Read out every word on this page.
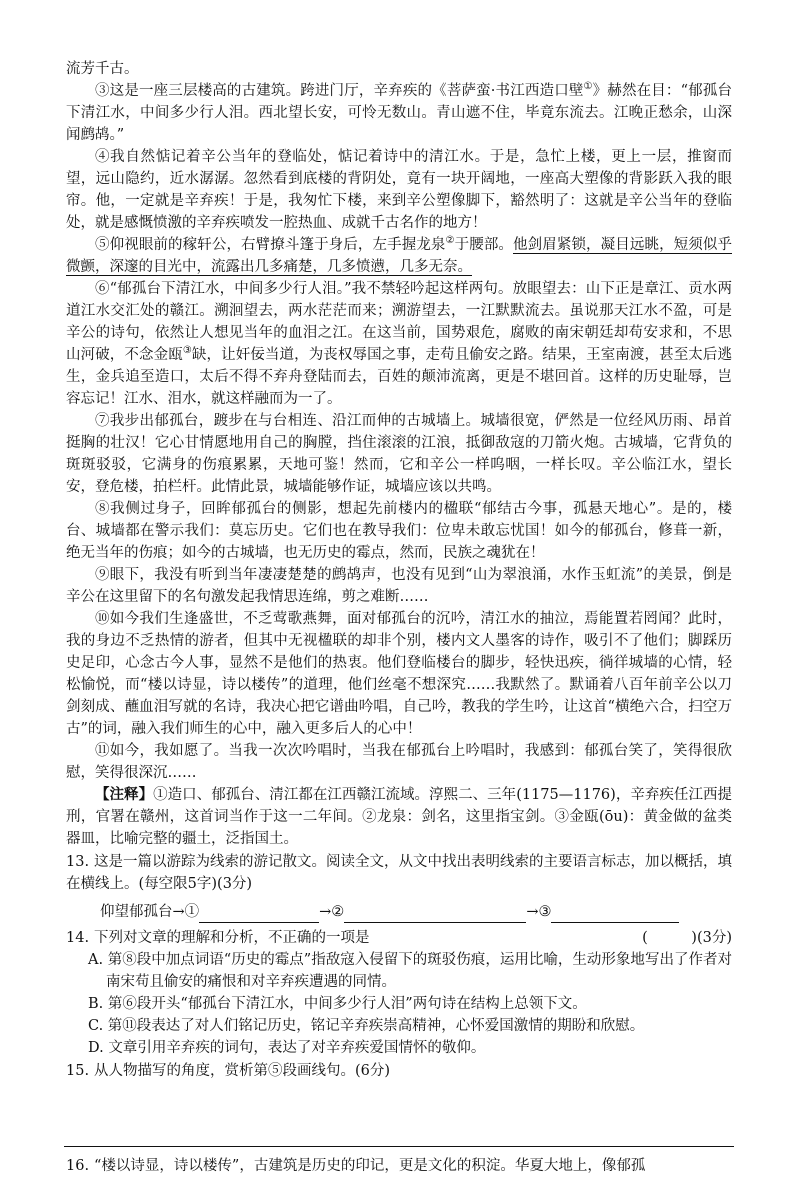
流芳千古。

③这是一座三层楼高的古建筑。跨进门厅，辛弃疾的《菩萨蛮·书江西造口壁①》赫然在目：“郁孤台下清江水，中间多少行人泪。西北望长安，可怜无数山。青山遮不住，毕竟东流去。江晚正愁余，山深闻鹧鸪。”

④我自然惦记着辛公当年的登临处，惦记着诗中的清江水。于是，急忙上楼，更上一层，推窗而望，远山隐约，近水潺潺。忽然看到底楼的背阴处，竟有一块开阔地，一座高大塑像的背影跃入我的眼帘。他，一定就是辛弃疾！于是，我匆忙下楼，来到辛公塑像脚下，豁然明了：这就是辛公当年的登临处，就是感慨愤激的辛弃疾喷发一腔热血、成就千古名作的地方！

⑤仰视眼前的稼轩公，右臂撩斗篷于身后，左手握龙泉②于腰部。他剑眉紧锁，凝目远眺，短须似乎微颤，深邃的目光中，流露出几多痛楚，几多愤懑，几多无奈。

⑥“郁孤台下清江水，中间多少行人泪。”我不禁轻吟起这样两句。放眼望去：山下正是章江、贡水两道江水交汇处的赣江。溯洄望去，两水茫茫而来；溯游望去，一江默默流去。虽说那天江水不盈，可是辛公的诗句，依然让人想见当年的血泪之江。在这当前，国势艰危，腐败的南宋朝廷却苟安求和，不思山河破，不念金瓯③缺，让奸佞当道，为丧权辱国之事，走苟且偷安之路。结果，王室南渡，甚至太后逃生，金兵追至造口，太后不得不弃舟登陆而去，百姓的颠沛流离，更是不堪回首。这样的历史耻辱，岂容忘记！江水、泪水，就这样融而为一了。

⑦我步出郁孤台，踱步在与台相连、沿江而伸的古城墙上。城墙很宽，俨然是一位经风历雨、昂首挺胸的壮汉！它心甘情愿地用自己的胸膛，挡住滚滚的江浪，抵御敌寇的刀箭火炮。古城墙，它背负的斑斑驳驳，它满身的伤痕累累，天地可鉴！然而，它和辛公一样呜咽，一样长叹。辛公临江水，望长安，登危楼，拍栏杆。此情此景，城墙能够作证，城墙应该以共鸣。

⑧我侧过身子，回眸郁孤台的侧影，想起先前楼内的楹联“郁结古今事，孤悬天地心”。是的，楼台、城墙都在警示我们：莫忘历史。它们也在教导我们：位卑未敢忘忧国！如今的郁孤台，修葺一新，绝无当年的伤痕；如今的古城墙，也无历史的霉点，然而，民族之魂犹在！

⑨眼下，我没有听到当年凄凄楚楚的鹧鸪声，也没有见到“山为翠浪涌，水作玉虹流”的美景，倒是辛公在这里留下的名句激发起我情思连绵，剪之难断……

⑩如今我们生逢盛世，不乏莺歌燕舞，面对郁孤台的沉吟，清江水的抽泣，焉能置若罔闻？此时，我的身边不乏热情的游者，但其中无视楹联的却非个别，楼内文人墨客的诗作，吸引不了他们；脚踩历史足印，心念古今人事，显然不是他们的热衷。他们登临楼台的脚步，轻快迅疾，徜徉城墙的心情，轻松愉悦，而“楼以诗显，诗以楼传”的道理，他们丝毫不想深究……我默然了。默诵着八百年前辛公以刀剑刻成、蘸血泪写就的名诗，我决心把它谱曲吟唱，自己吟，教我的学生吟，让这首“横绝六合，扫空万古”的词，融入我们师生的心中，融入更多后人的心中！

⑪如今，我如愿了。当我一次次吟唱时，当我在郁孤台上吟唱时，我感到：郁孤台笑了，笑得很欣慰，笑得很深沉……

【注释】①造口、郁孤台、清江都在江西赣江流域。淳熙二、三年(1175—1176)，辛弃疾任江西提刑，官署在赣州，这首词当作于这一二年间。②龙泉：剑名，这里指宝剑。③金瓯(ōu)：黄金做的盆类器皿，比喻完整的疆土，泛指国土。

13. 这是一篇以游踪为线索的游记散文。阅读全文，从文中找出表明线索的主要语言标志，加以概括，填在横线上。(每空限5字)(3分)

仰望郁孤台→①	→②	→③

14. 下列对文章的理解和分析，不正确的一项是	(　　　)(3分)

A. 第⑧段中加点词语“历史的霉点”指敌寇入侵留下的斑驳伤痕，运用比喻，生动形象地写出了作者对南宋苟且偷安的痛恨和对辛弃疾遭遇的同情。

B. 第⑥段开头“郁孤台下清江水，中间多少行人泪”两句诗在结构上总领下文。

C. 第⑪段表达了对人们铭记历史，铭记辛弃疾崇高精神，心怀爱国激情的期盼和欣慰。

D. 文章引用辛弃疾的词句，表达了对辛弃疾爱国情怀的敬仰。

15. 从人物描写的角度，赏析第⑤段画线句。(6分)

16. “楼以诗显，诗以楼传”，古建筑是历史的印记，更是文化的积淀。华夏大地上，像郁孤
